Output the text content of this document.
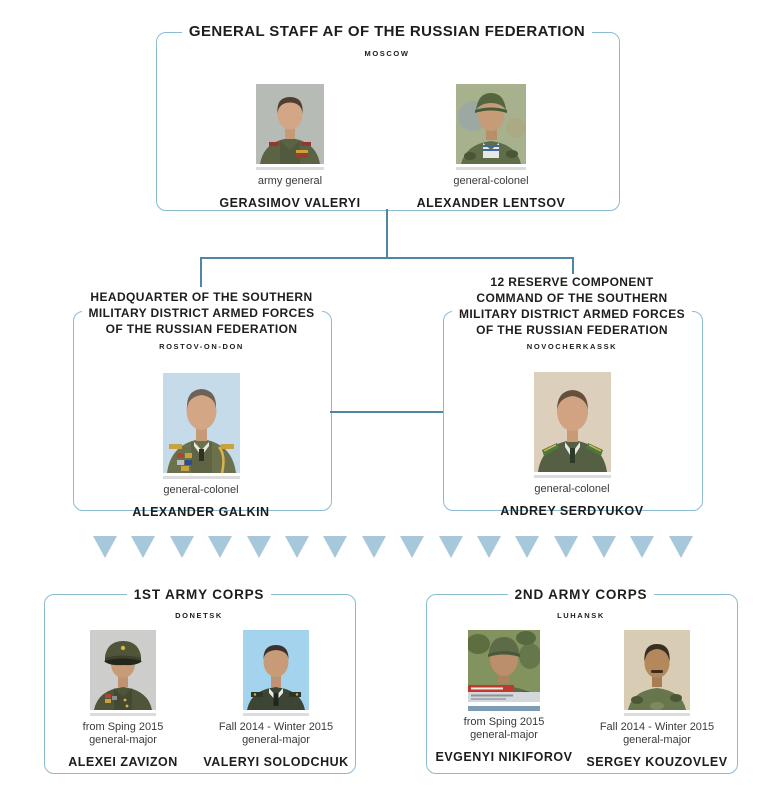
GENERAL STAFF AF OF THE RUSSIAN FEDERATION
MOSCOW
army general
GERASIMOV VALERYI
general-colonel
ALEXANDER LENTSOV
HEADQUARTER OF THE SOUTHERN
MILITARY DISTRICT ARMED FORCES
OF THE RUSSIAN FEDERATION
ROSTOV-ON-DON
general-colonel
ALEXANDER GALKIN
12 RESERVE COMPONENT
COMMAND OF THE SOUTHERN
MILITARY DISTRICT ARMED FORCES
OF THE RUSSIAN FEDERATION
NOVOCHERKASSK
general-colonel
ANDREY SERDYUKOV
1ST ARMY CORPS
DONETSK
from Sping 2015
general-major
ALEXEI ZAVIZON
Fall 2014 - Winter 2015
general-major
VALERYI SOLODCHUK
2ND ARMY CORPS
LUHANSK
from Sping 2015
general-major
EVGENYI NIKIFOROV
Fall 2014 - Winter 2015
general-major
SERGEY KOUZOVLEV
